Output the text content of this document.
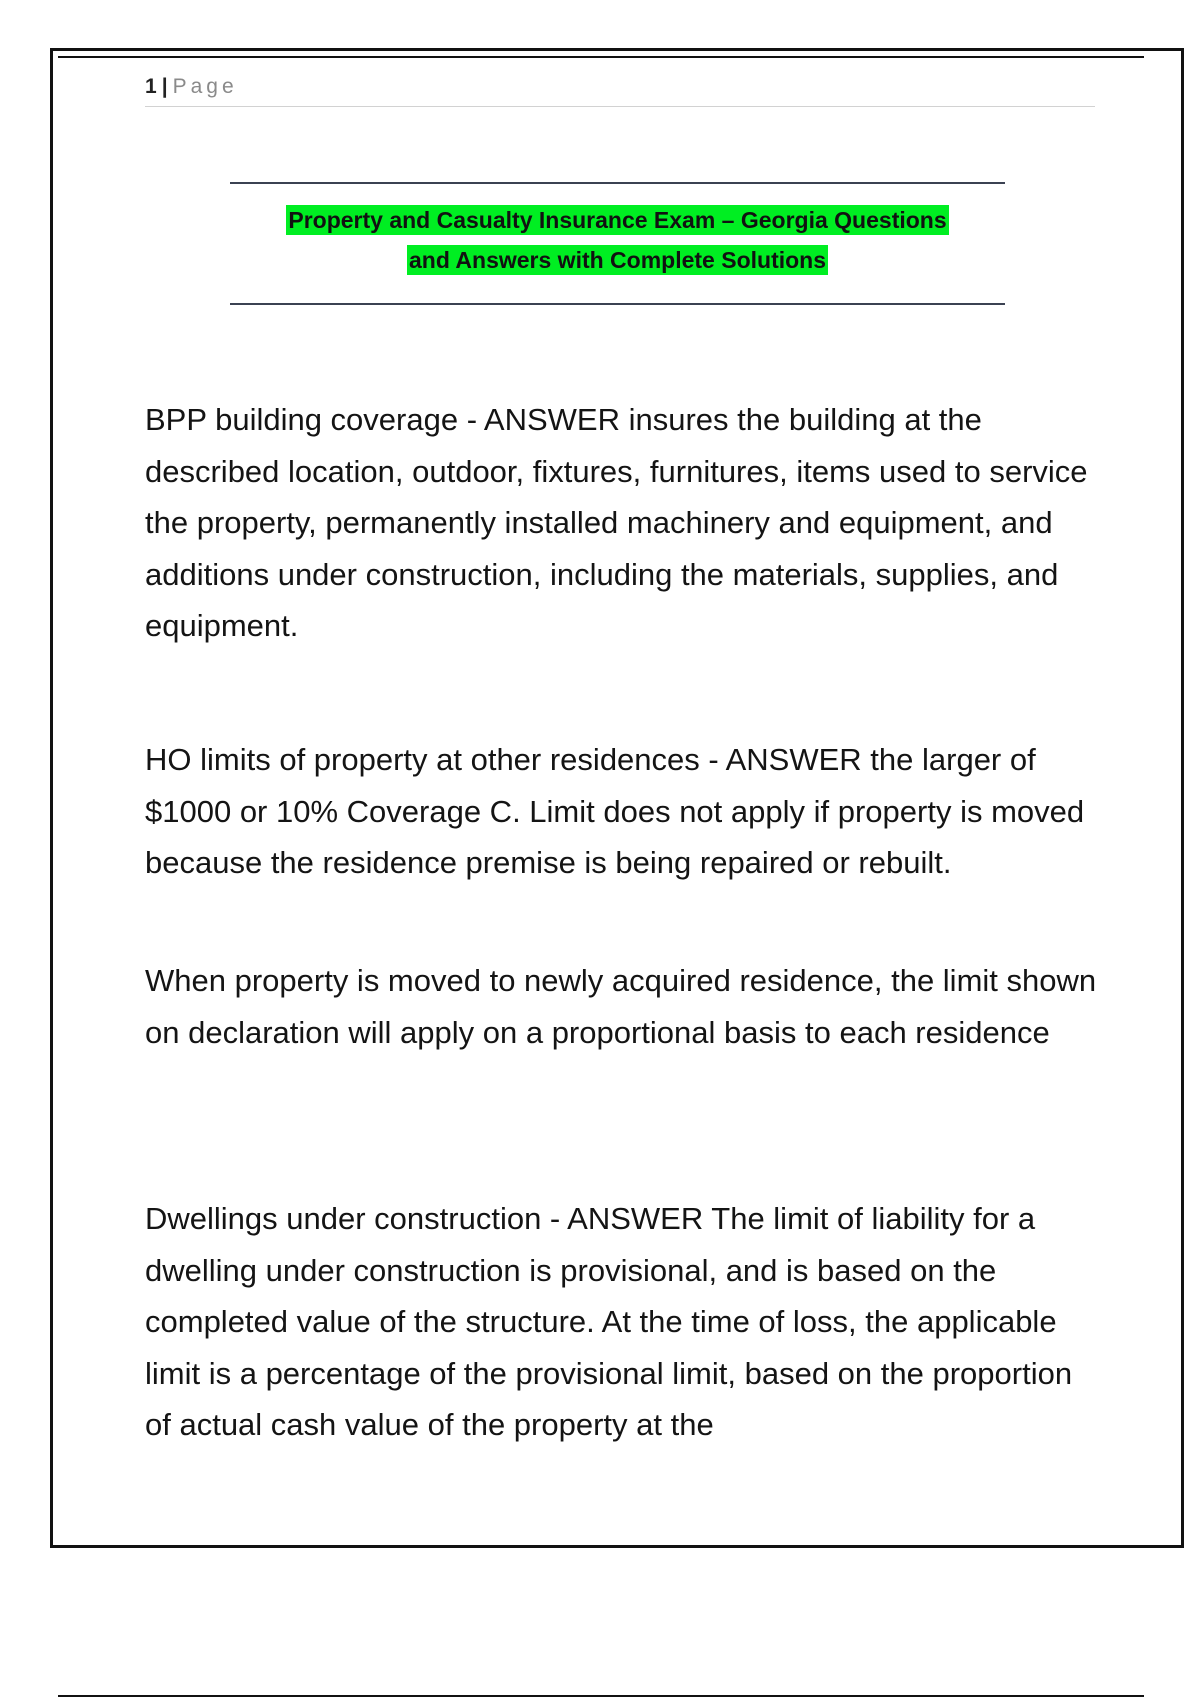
1 | Page
Property and Casualty Insurance Exam – Georgia Questions
and Answers with Complete Solutions

BPP building coverage - ANSWER insures the building at the described location, outdoor, fixtures, furnitures, items used to service the property, permanently installed machinery and equipment, and additions under construction, including the materials, supplies, and equipment.

HO limits of property at other residences - ANSWER the larger of $1000 or 10% Coverage C. Limit does not apply if property is moved because the residence premise is being repaired or rebuilt.

When property is moved to newly acquired residence, the limit shown on declaration will apply on a proportional basis to each residence

Dwellings under construction - ANSWER The limit of liability for a dwelling under construction is provisional, and is based on the completed value of the structure. At the time of loss, the applicable limit is a percentage of the provisional limit, based on the proportion of actual cash value of the property at the
